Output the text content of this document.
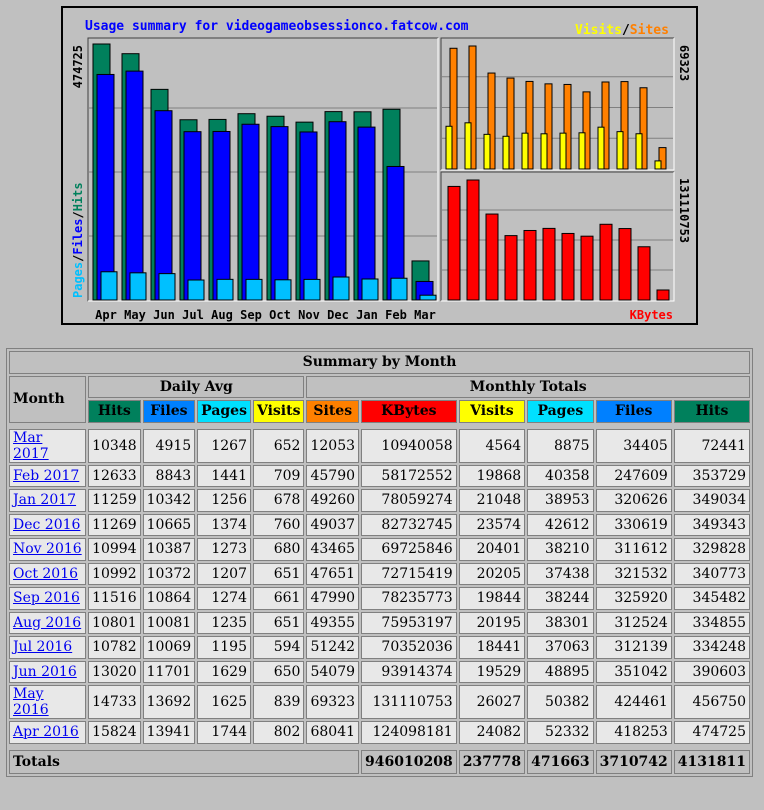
Usage summary for videogameobsessionco.fatcow.com	Visits/Sites
474725
Pages/Files/Hits
69323
131110753
KBytes
Apr May Jun Jul Aug Sep Oct Nov Dec Jan Feb Mar
Summary by Month										
Month	Daily Avg				Monthly Totals					
	Hits	Files	Pages	Visits	Sites	KBytes	Visits	Pages	Files	Hits

Mar 2017	10348	4915	1267	652	12053	10940058	4564	8875	34405	72441
Feb 2017	12633	8843	1441	709	45790	58172552	19868	40358	247609	353729
Jan 2017	11259	10342	1256	678	49260	78059274	21048	38953	320626	349034
Dec 2016	11269	10665	1374	760	49037	82732745	23574	42612	330619	349343
Nov 2016	10994	10387	1273	680	43465	69725846	20401	38210	311612	329828
Oct 2016	10992	10372	1207	651	47651	72715419	20205	37438	321532	340773
Sep 2016	11516	10864	1274	661	47990	78235773	19844	38244	325920	345482
Aug 2016	10801	10081	1235	651	49355	75953197	20195	38301	312524	334855
Jul 2016	10782	10069	1195	594	51242	70352036	18441	37063	312139	334248
Jun 2016	13020	11701	1629	650	54079	93914374	19529	48895	351042	390603
May 2016	14733	13692	1625	839	69323	131110753	26027	50382	424461	456750
Apr 2016	15824	13941	1744	802	68041	124098181	24082	52332	418253	474725

Totals						946010208	237778	471663	3710742	4131811
